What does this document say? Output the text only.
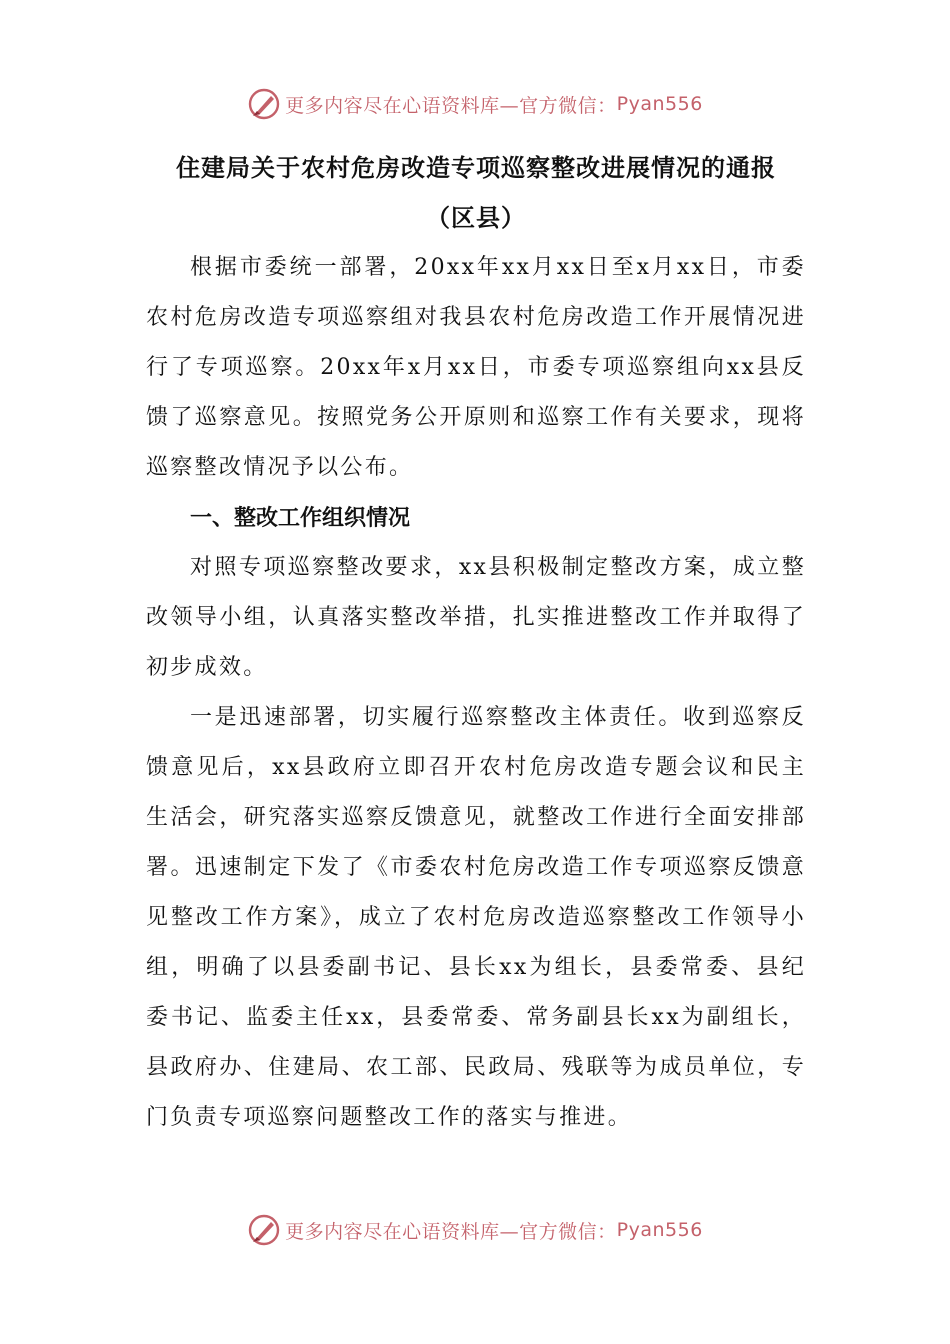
更多内容尽在心语资料库—官方微信： Pyan556

住建局关于农村危房改造专项巡察整改进展情况的通报

（区县）

根据市委统一部署，20xx年xx月xx日至x月xx日，市委农村危房改造专项巡察组对我县农村危房改造工作开展情况进行了专项巡察。20xx年x月xx日，市委专项巡察组向xx县反馈了巡察意见。按照党务公开原则和巡察工作有关要求，现将巡察整改情况予以公布。

一、整改工作组织情况

对照专项巡察整改要求，xx县积极制定整改方案，成立整改领导小组，认真落实整改举措，扎实推进整改工作并取得了初步成效。

一是迅速部署，切实履行巡察整改主体责任。收到巡察反馈意见后，xx县政府立即召开农村危房改造专题会议和民主生活会，研究落实巡察反馈意见，就整改工作进行全面安排部署。迅速制定下发了《市委农村危房改造工作专项巡察反馈意见整改工作方案》，成立了农村危房改造巡察整改工作领导小组，明确了以县委副书记、县长xx为组长，县委常委、县纪委书记、监委主任xx，县委常委、常务副县长xx为副组长，县政府办、住建局、农工部、民政局、残联等为成员单位，专门负责专项巡察问题整改工作的落实与推进。

更多内容尽在心语资料库—官方微信： Pyan556
